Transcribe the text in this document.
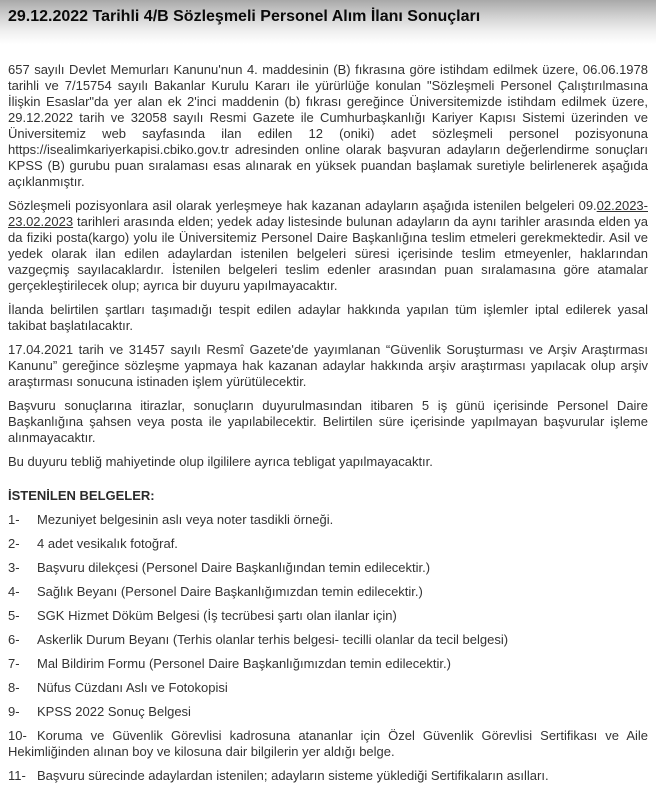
29.12.2022 Tarihli 4/B Sözleşmeli Personel Alım İlanı Sonuçları

657 sayılı Devlet Memurları Kanunu'nun 4. maddesinin (B) fıkrasına göre istihdam edilmek üzere, 06.06.1978 tarihli ve 7/15754 sayılı Bakanlar Kurulu Kararı ile yürürlüğe konulan "Sözleşmeli Personel Çalıştırılmasına İlişkin Esaslar"da yer alan ek 2'inci maddenin (b) fıkrası gereğince Üniversitemizde istihdam edilmek üzere, 29.12.2022 tarih ve 32058 sayılı Resmi Gazete ile Cumhurbaşkanlığı Kariyer Kapısı Sistemi üzerinden ve Üniversitemiz web sayfasında ilan edilen 12 (oniki) adet sözleşmeli personel pozisyonuna https://isealimkariyerkapisi.cbiko.gov.tr adresinden online olarak başvuran adayların değerlendirme sonuçları KPSS (B) gurubu puan sıralaması esas alınarak en yüksek puandan başlamak suretiyle belirlenerek aşağıda açıklanmıştır.

Sözleşmeli pozisyonlara asil olarak yerleşmeye hak kazanan adayların aşağıda istenilen belgeleri 09.02.2023-23.02.2023 tarihleri arasında elden; yedek aday listesinde bulunan adayların da aynı tarihler arasında elden ya da fiziki posta(kargo) yolu ile Üniversitemiz Personel Daire Başkanlığına teslim etmeleri gerekmektedir. Asil ve yedek olarak ilan edilen adaylardan istenilen belgeleri süresi içerisinde teslim etmeyenler, haklarından vazgeçmiş sayılacaklardır. İstenilen belgeleri teslim edenler arasından puan sıralamasına göre atamalar gerçekleştirilecek olup; ayrıca bir duyuru yapılmayacaktır.

İlanda belirtilen şartları taşımadığı tespit edilen adaylar hakkında yapılan tüm işlemler iptal edilerek yasal takibat başlatılacaktır.

17.04.2021 tarih ve 31457 sayılı Resmî Gazete'de yayımlanan “Güvenlik Soruşturması ve Arşiv Araştırması Kanunu” gereğince sözleşme yapmaya hak kazanan adaylar hakkında arşiv araştırması yapılacak olup arşiv araştırması sonucuna istinaden işlem yürütülecektir.

Başvuru sonuçlarına itirazlar, sonuçların duyurulmasından itibaren 5 iş günü içerisinde Personel Daire Başkanlığına şahsen veya posta ile yapılabilecektir. Belirtilen süre içerisinde yapılmayan başvurular işleme alınmayacaktır.

Bu duyuru tebliğ mahiyetinde olup ilgililere ayrıca tebligat yapılmayacaktır.

İSTENİLEN BELGELER:

1- Mezuniyet belgesinin aslı veya noter tasdikli örneği.

2- 4 adet vesikalık fotoğraf.

3- Başvuru dilekçesi (Personel Daire Başkanlığından temin edilecektir.)

4- Sağlık Beyanı (Personel Daire Başkanlığımızdan temin edilecektir.)

5- SGK Hizmet Döküm Belgesi (İş tecrübesi şartı olan ilanlar için)

6- Askerlik Durum Beyanı (Terhis olanlar terhis belgesi- tecilli olanlar da tecil belgesi)

7- Mal Bildirim Formu (Personel Daire Başkanlığımızdan temin edilecektir.)

8- Nüfus Cüzdanı Aslı ve Fotokopisi

9- KPSS 2022 Sonuç Belgesi

10- Koruma ve Güvenlik Görevlisi kadrosuna atananlar için Özel Güvenlik Görevlisi Sertifikası ve Aile Hekimliğinden alınan boy ve kilosuna dair bilgilerin yer aldığı belge.

11- Başvuru sürecinde adaylardan istenilen; adayların sisteme yüklediği Sertifikaların asılları.
